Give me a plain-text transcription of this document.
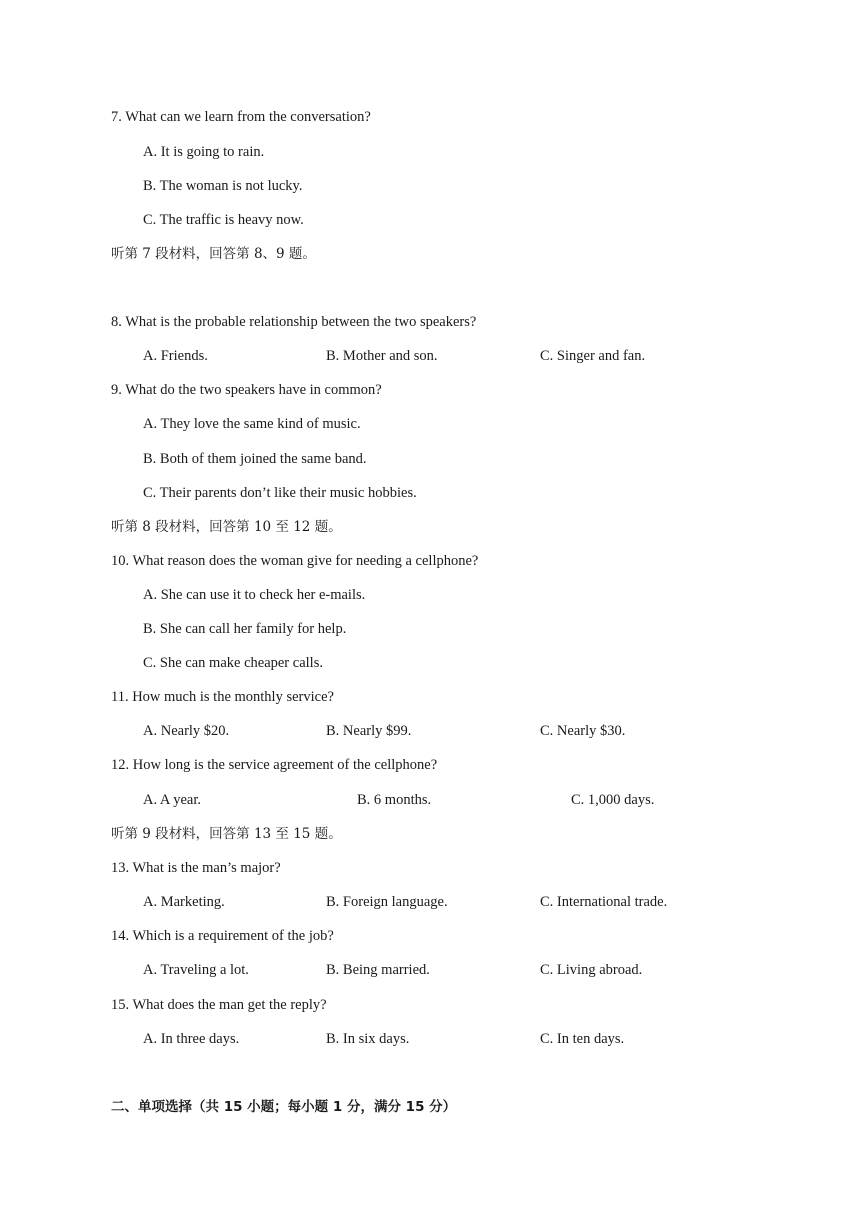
7. What can we learn from the conversation?
A. It is going to rain.
B. The woman is not lucky.
C. The traffic is heavy now.
听第 7 段材料，回答第 8、9 题。
8. What is the probable relationship between the two speakers?
A. Friends.	B. Mother and son.	C. Singer and fan.
9. What do the two speakers have in common?
A. They love the same kind of music.
B. Both of them joined the same band.
C. Their parents don’t like their music hobbies.
听第 8 段材料，回答第 10 至 12 题。
10. What reason does the woman give for needing a cellphone?
A. She can use it to check her e-mails.
B. She can call her family for help.
C. She can make cheaper calls.
11. How much is the monthly service?
A. Nearly $20.	B. Nearly $99.	C. Nearly $30.
12. How long is the service agreement of the cellphone?
A. A year.	B. 6 months.	C. 1,000 days.
听第 9 段材料，回答第 13 至 15 题。
13. What is the man’s major?
A. Marketing.	B. Foreign language.	C. International trade.
14. Which is a requirement of the job?
A. Traveling a lot.	B. Being married.	C. Living abroad.
15. What does the man get the reply?
A. In three days.	B. In six days.	C. In ten days.
二、单项选择（共 15 小题；每小题 1 分，满分 15 分）
